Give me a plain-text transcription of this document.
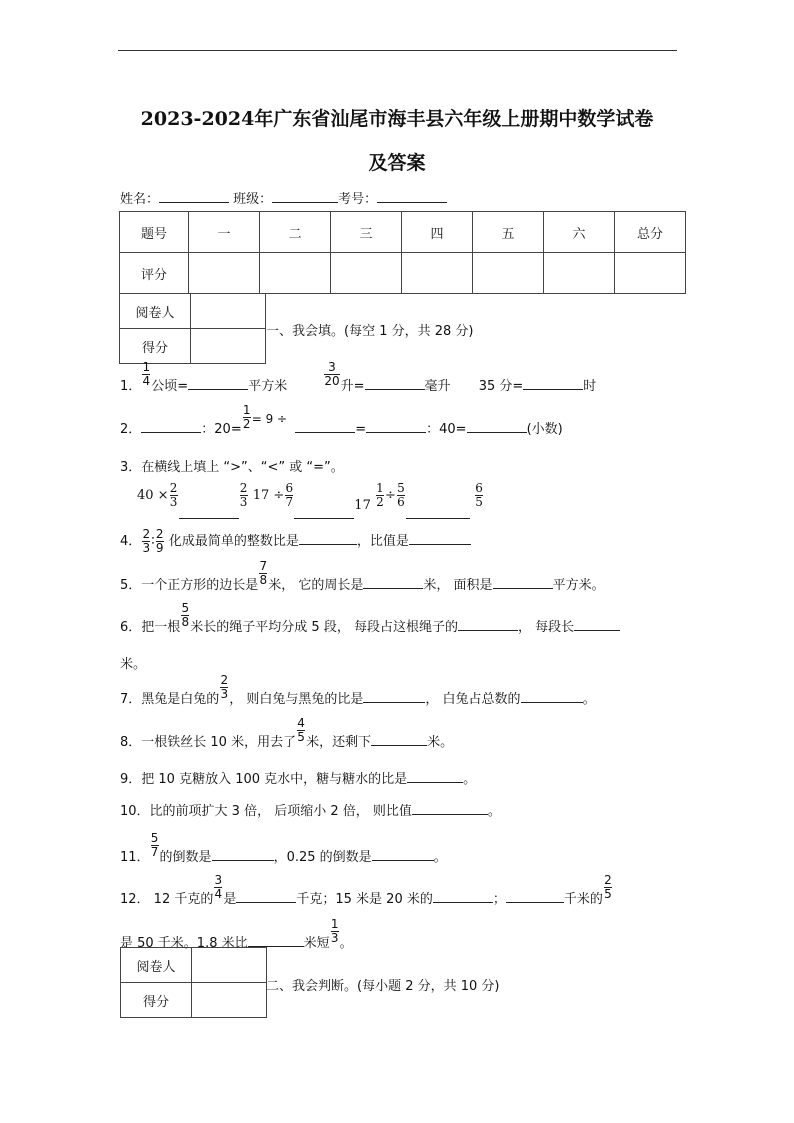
2023-2024年广东省汕尾市海丰县六年级上册期中数学试卷
及答案
姓名：	班级：	考号：
题号	一	二	三	四	五	六	总分
评分							
阅卷人	
得分	
一、我会填。(每空 1 分，共 28 分)
1． $\frac{1}{4}$ 公顷=	平方米	$\frac{3}{20}$ 升=	毫升 35 分=	时
2．	：$20= \frac{1}{2} = 9$ ÷ =	：40=	(小数)
3．在横线上填上 “>”、“<” 或 “=”。
$40 \times \frac{2}{3}$	$\frac{2}{3} 17 \div \frac{6}{7}$	$17 \frac{1}{2} \div \frac{5}{6}$
	$\frac{6}{5}$
4． $\frac{2}{3}$ ∶ $\frac{2}{9}$ 化成最简单的整数比是	，比值是
5．一个正方形的边长是 $\frac{7}{8}$ 米， 它的周长是	米， 面积是	平方米。
6．把一根 $\frac{5}{8}$ 米长的绳子平均分成 5 段， 每段占这根绳子的	， 每段长
米。
7．黑兔是白兔的 $\frac{2}{3}$ ， 则白兔与黑兔的比是	， 白兔占总数的	。
8．一根铁丝长 10 米，用去了 $\frac{4}{5}$ 米，还剩下	米。
9．把 10 克糖放入 100 克水中，糖与糖水的比是	。
10．比的前项扩大 3 倍， 后项缩小 2 倍， 则比值	。
11． $\frac{5}{7}$ 的倒数是	，0.25 的倒数是	。
12． 12 千克的 $\frac{3}{4}$ 是	千克；15 米是 20 米的	；	千米的 $\frac{2}{5}$
是 50 千米。1.8 米比	米短 $\frac{1}{3}$ 。
阅卷人	
得分	
二、我会判断。(每小题 2 分，共 10 分)
